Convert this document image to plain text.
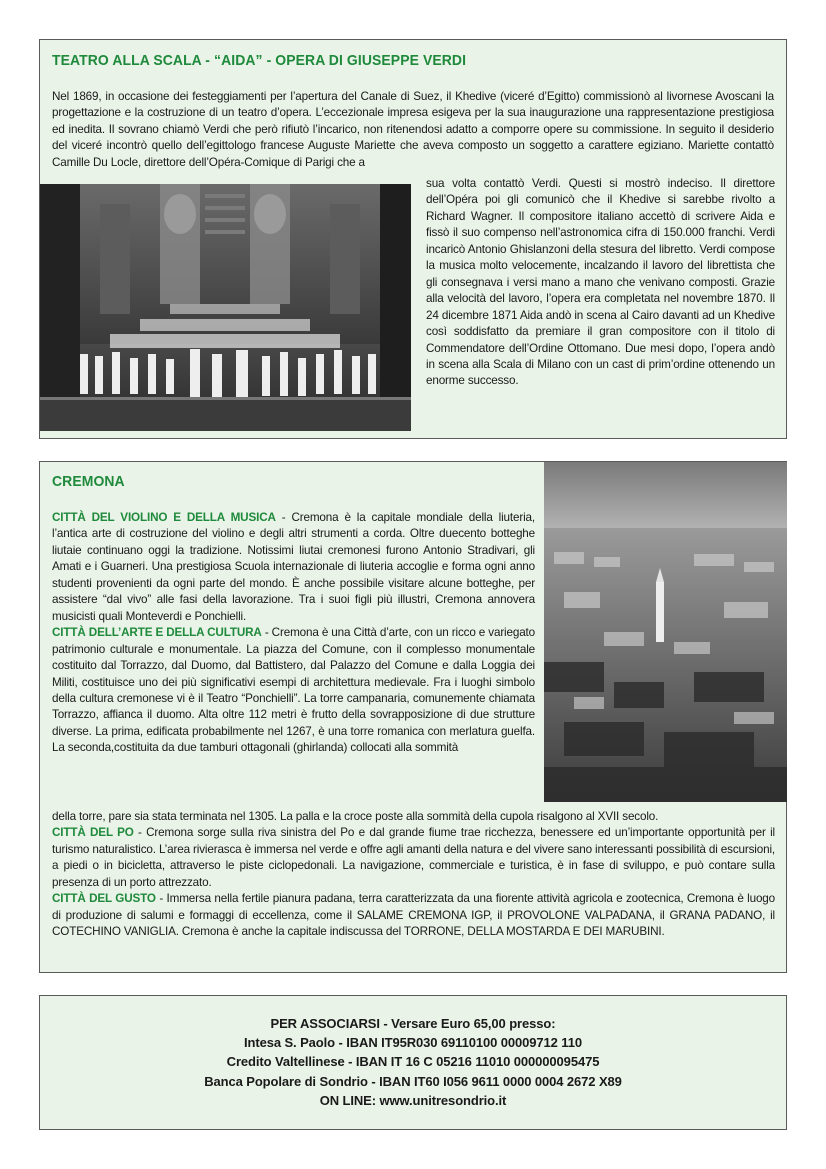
TEATRO ALLA SCALA - “AIDA” - OPERA DI GIUSEPPE VERDI

Nel 1869, in occasione dei festeggiamenti per l’apertura del Canale di Suez, il Khedive (viceré d’Egitto) commissionò al livornese Avoscani la progettazione e la costruzione di un teatro d’opera. L’eccezionale impresa esigeva per la sua inaugurazione una rappresentazione prestigiosa ed inedita. Il sovrano chiamò Verdi che però rifiutò l’incarico, non ritenendosi adatto a comporre opere su commissione. In seguito il desiderio del viceré incontrò quello dell’egittologo francese Auguste Mariette che aveva composto un soggetto a carattere egiziano. Mariette contattò Camille Du Locle, direttore dell’Opéra-Comique di Parigi che a

sua volta contattò Verdi. Questi si mostrò indeciso. Il direttore dell’Opéra poi gli comunicò che il Khedive si sarebbe rivolto a Richard Wagner. Il compositore italiano accettò di scrivere Aida e fissò il suo compenso nell’astronomica cifra di 150.000 franchi. Verdi incaricò Antonio Ghislanzoni della stesura del libretto. Verdi compose la musica molto velocemente, incalzando il lavoro del librettista che gli consegnava i versi mano a mano che venivano composti. Grazie alla velocità del lavoro, l’opera era completata nel novembre 1870. Il 24 dicembre 1871 Aida andò in scena al Cairo davanti ad un Khedive così soddisfatto da premiare il gran compositore con il titolo di Commendatore dell’Ordine Ottomano. Due mesi dopo, l’opera andò in scena alla Scala di Milano con un cast di prim’ordine ottenendo un enorme successo.

CREMONA

CITTÀ DEL VIOLINO E DELLA MUSICA - Cremona è la capitale mondiale della liuteria, l’antica arte di costruzione del violino e degli altri strumenti a corda. Oltre duecento botteghe liutaie continuano oggi la tradizione. Notissimi liutai cremonesi furono Antonio Stradivari, gli Amati e i Guarneri. Una prestigiosa Scuola internazionale di liuteria accoglie e forma ogni anno studenti provenienti da ogni parte del mondo. È anche possibile visitare alcune botteghe, per assistere “dal vivo” alle fasi della lavorazione. Tra i suoi figli più illustri, Cremona annovera musicisti quali Monteverdi e Ponchielli.
CITTÀ DELL’ARTE E DELLA CULTURA - Cremona è una Città d’arte, con un ricco e variegato patrimonio culturale e monumentale. La piazza del Comune, con il complesso monumentale costituito dal Torrazzo, dal Duomo, dal Battistero, dal Palazzo del Comune e dalla Loggia dei Militi, costituisce uno dei più significativi esempi di architettura medievale. Fra i luoghi simbolo della cultura cremonese vi è il Teatro “Ponchielli”. La torre campanaria, comunemente chiamata Torrazzo, affianca il duomo. Alta oltre 112 metri è frutto della sovrapposizione di due strutture diverse. La prima, edificata probabilmente nel 1267, è una torre romanica con merlatura guelfa. La seconda,costituita da due tamburi ottagonali (ghirlanda) collocati alla sommità

della torre, pare sia stata terminata nel 1305. La palla e la croce poste alla sommità della cupola risalgono al XVII secolo.
CITTÀ DEL PO - Cremona sorge sulla riva sinistra del Po e dal grande fiume trae ricchezza, benessere ed un’importante opportunità per il turismo naturalistico. L’area rivierasca è immersa nel verde e offre agli amanti della natura e del vivere sano interessanti possibilità di escursioni, a piedi o in bicicletta, attraverso le piste ciclopedonali. La navigazione, commerciale e turistica, è in fase di sviluppo, e può contare sulla presenza di un porto attrezzato.
CITTÀ DEL GUSTO - Immersa nella fertile pianura padana, terra caratterizzata da una fiorente attività agricola e zootecnica, Cremona è luogo di produzione di salumi e formaggi di eccellenza, come il SALAME CREMONA IGP, il PROVOLONE VALPADANA, il GRANA PADANO, il COTECHINO VANIGLIA. Cremona è anche la capitale indiscussa del TORRONE, DELLA MOSTARDA E DEI MARUBINI.

PER ASSOCIARSI - Versare Euro 65,00 presso:
Intesa S. Paolo - IBAN IT95R030 69110100 00009712 110
Credito Valtellinese - IBAN IT 16 C 05216 11010 000000095475
Banca Popolare di Sondrio - IBAN IT60 I056 9611 0000 0004 2672 X89
ON LINE: www.unitresondrio.it
